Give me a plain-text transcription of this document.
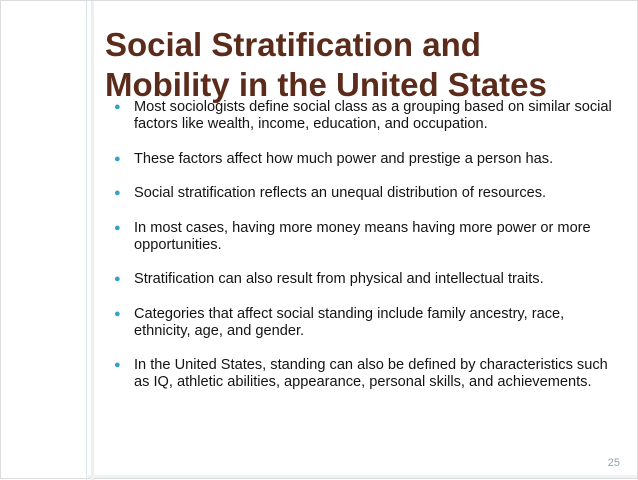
Social Stratification and
Mobility in the United States
● Most sociologists define social class as a grouping based on similar social factors like wealth, income, education, and occupation.
● These factors affect how much power and prestige a person has.
● Social stratification reflects an unequal distribution of resources.
● In most cases, having more money means having more power or more opportunities.
● Stratification can also result from physical and intellectual traits.
● Categories that affect social standing include family ancestry, race, ethnicity, age, and gender.
● In the United States, standing can also be defined by characteristics such as IQ, athletic abilities, appearance, personal skills, and achievements.
25
